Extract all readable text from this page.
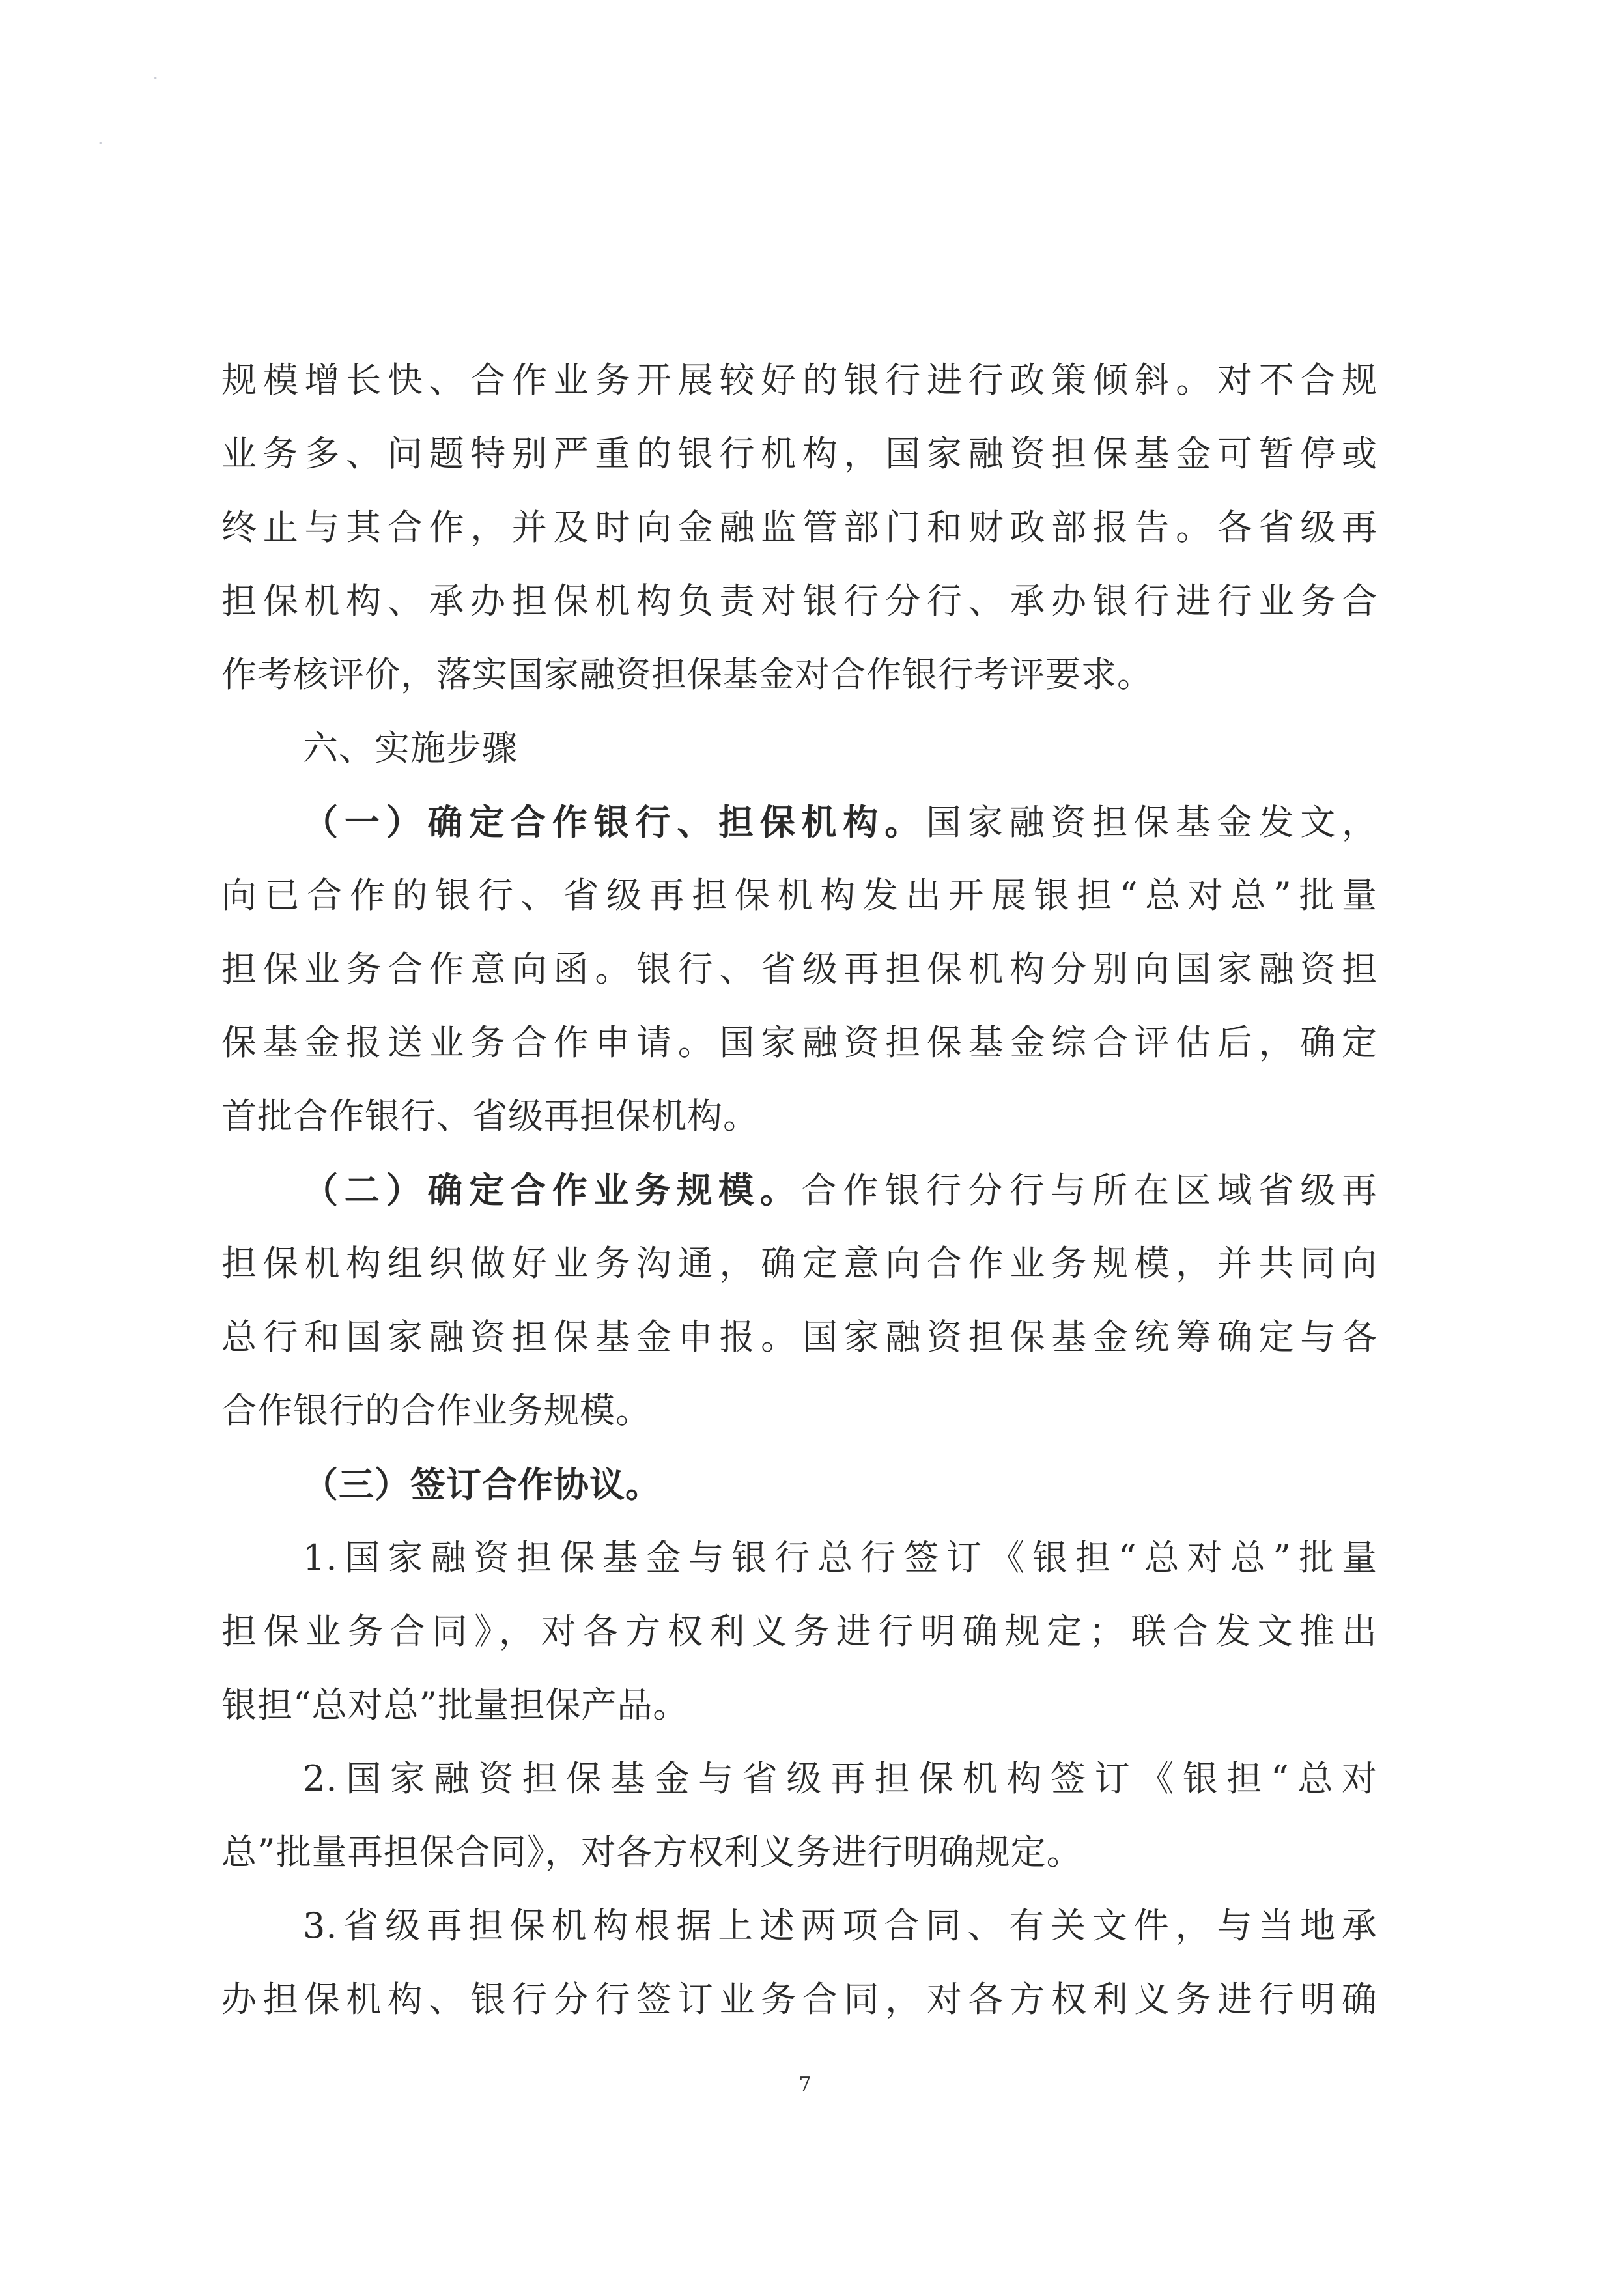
规模增长快、合作业务开展较好的银行进行政策倾斜。对不合规
业务多、问题特别严重的银行机构，国家融资担保基金可暂停或
终止与其合作，并及时向金融监管部门和财政部报告。各省级再
担保机构、承办担保机构负责对银行分行、承办银行进行业务合
作考核评价，落实国家融资担保基金对合作银行考评要求。
六、实施步骤
（一）确定合作银行、担保机构。国家融资担保基金发文，
向已合作的银行、省级再担保机构发出开展银担“总对总”批量
担保业务合作意向函。银行、省级再担保机构分别向国家融资担
保基金报送业务合作申请。国家融资担保基金综合评估后，确定
首批合作银行、省级再担保机构。
（二）确定合作业务规模。合作银行分行与所在区域省级再
担保机构组织做好业务沟通，确定意向合作业务规模，并共同向
总行和国家融资担保基金申报。国家融资担保基金统筹确定与各
合作银行的合作业务规模。
（三）签订合作协议。
1.国家融资担保基金与银行总行签订《银担“总对总”批量
担保业务合同》，对各方权利义务进行明确规定；联合发文推出
银担“总对总”批量担保产品。
2.国家融资担保基金与省级再担保机构签订《银担“总对
总”批量再担保合同》，对各方权利义务进行明确规定。
3.省级再担保机构根据上述两项合同、有关文件，与当地承
办担保机构、银行分行签订业务合同，对各方权利义务进行明确
7
